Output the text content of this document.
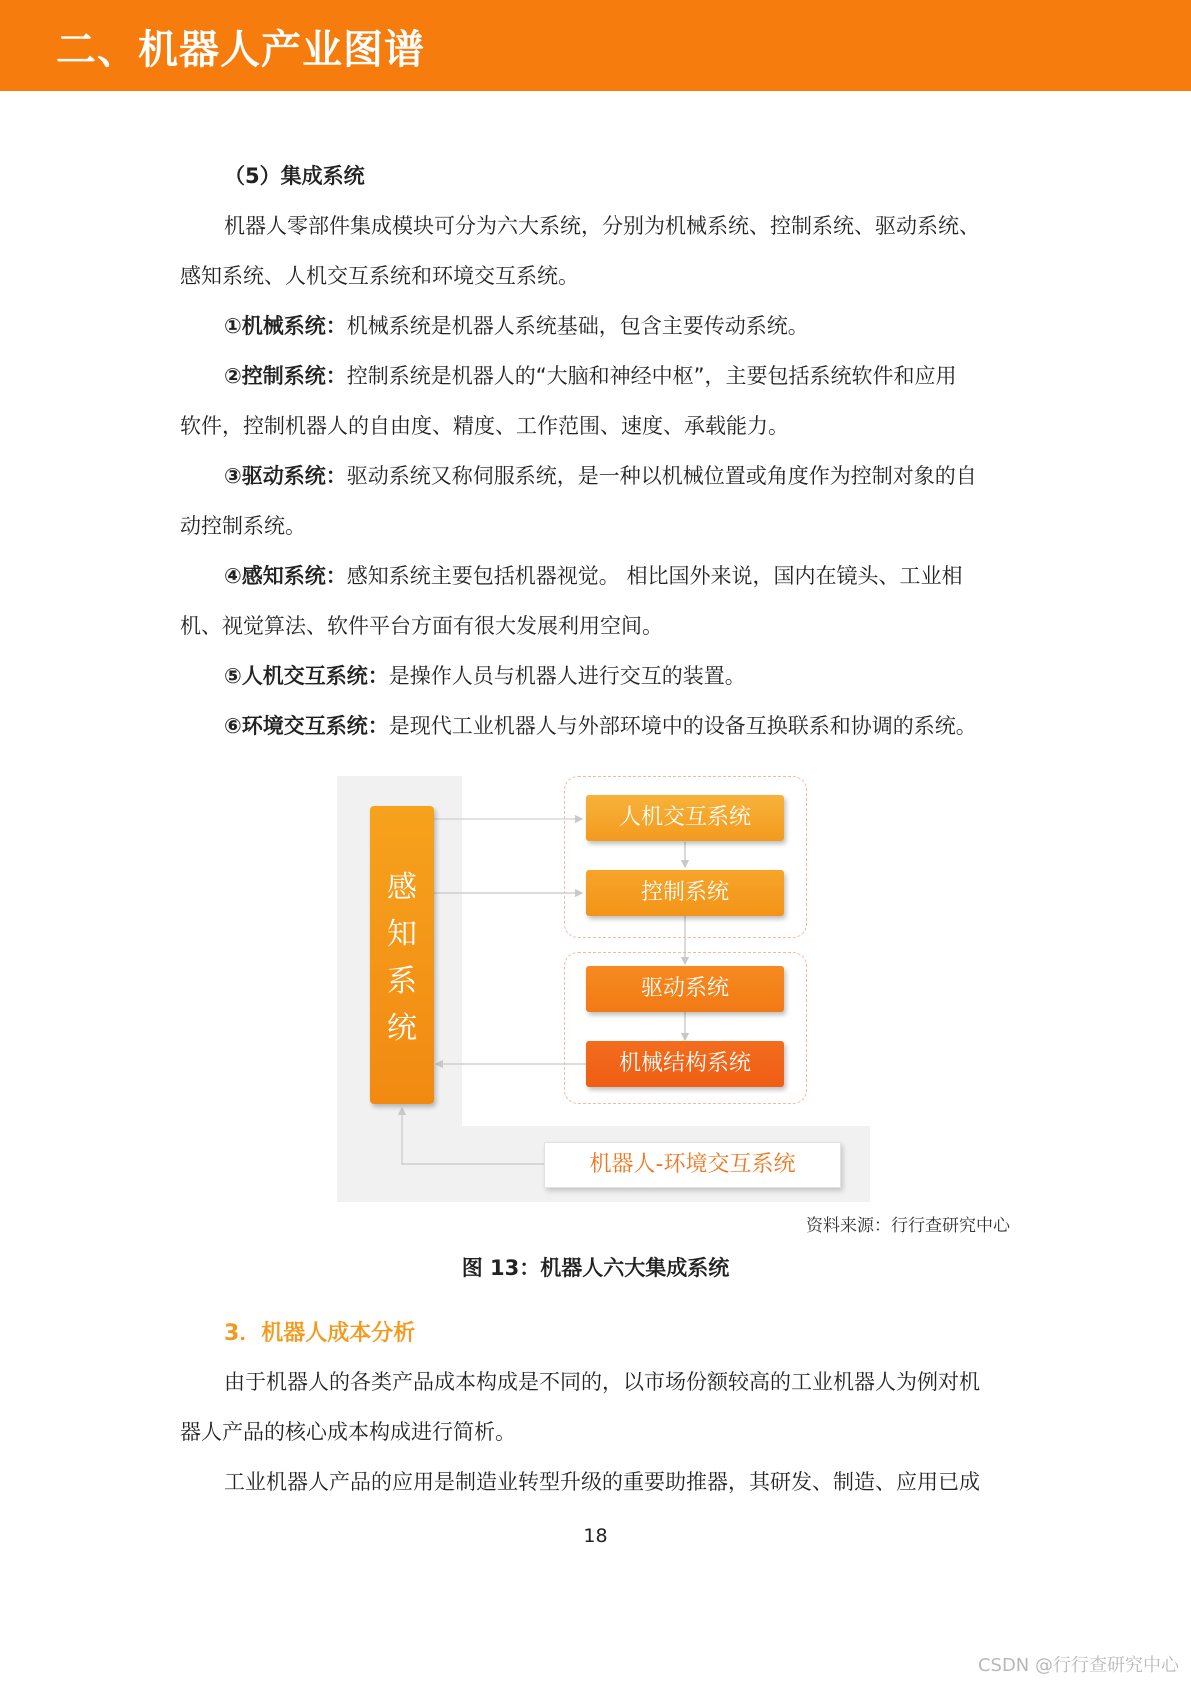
二、机器人产业图谱
（5）集成系统
机器人零部件集成模块可分为六大系统，分别为机械系统、控制系统、驱动系统、
感知系统、人机交互系统和环境交互系统。
①机械系统：机械系统是机器人系统基础，包含主要传动系统。
②控制系统：控制系统是机器人的“大脑和神经中枢”，主要包括系统软件和应用
软件，控制机器人的自由度、精度、工作范围、速度、承载能力。
③驱动系统：驱动系统又称伺服系统，是一种以机械位置或角度作为控制对象的自
动控制系统。
④感知系统：感知系统主要包括机器视觉。 相比国外来说，国内在镜头、工业相
机、视觉算法、软件平台方面有很大发展利用空间。
⑤人机交互系统：是操作人员与机器人进行交互的装置。
⑥环境交互系统：是现代工业机器人与外部环境中的设备互换联系和协调的系统。
3．机器人成本分析
由于机器人的各类产品成本构成是不同的，以市场份额较高的工业机器人为例对机
器人产品的核心成本构成进行简析。
工业机器人产品的应用是制造业转型升级的重要助推器，其研发、制造、应用已成
感
知
系
统
人机交互系统
控制系统
驱动系统
机械结构系统
机器人-环境交互系统
资料来源：行行查研究中心
图 13：机器人六大集成系统
18
CSDN @行行查研究中心
